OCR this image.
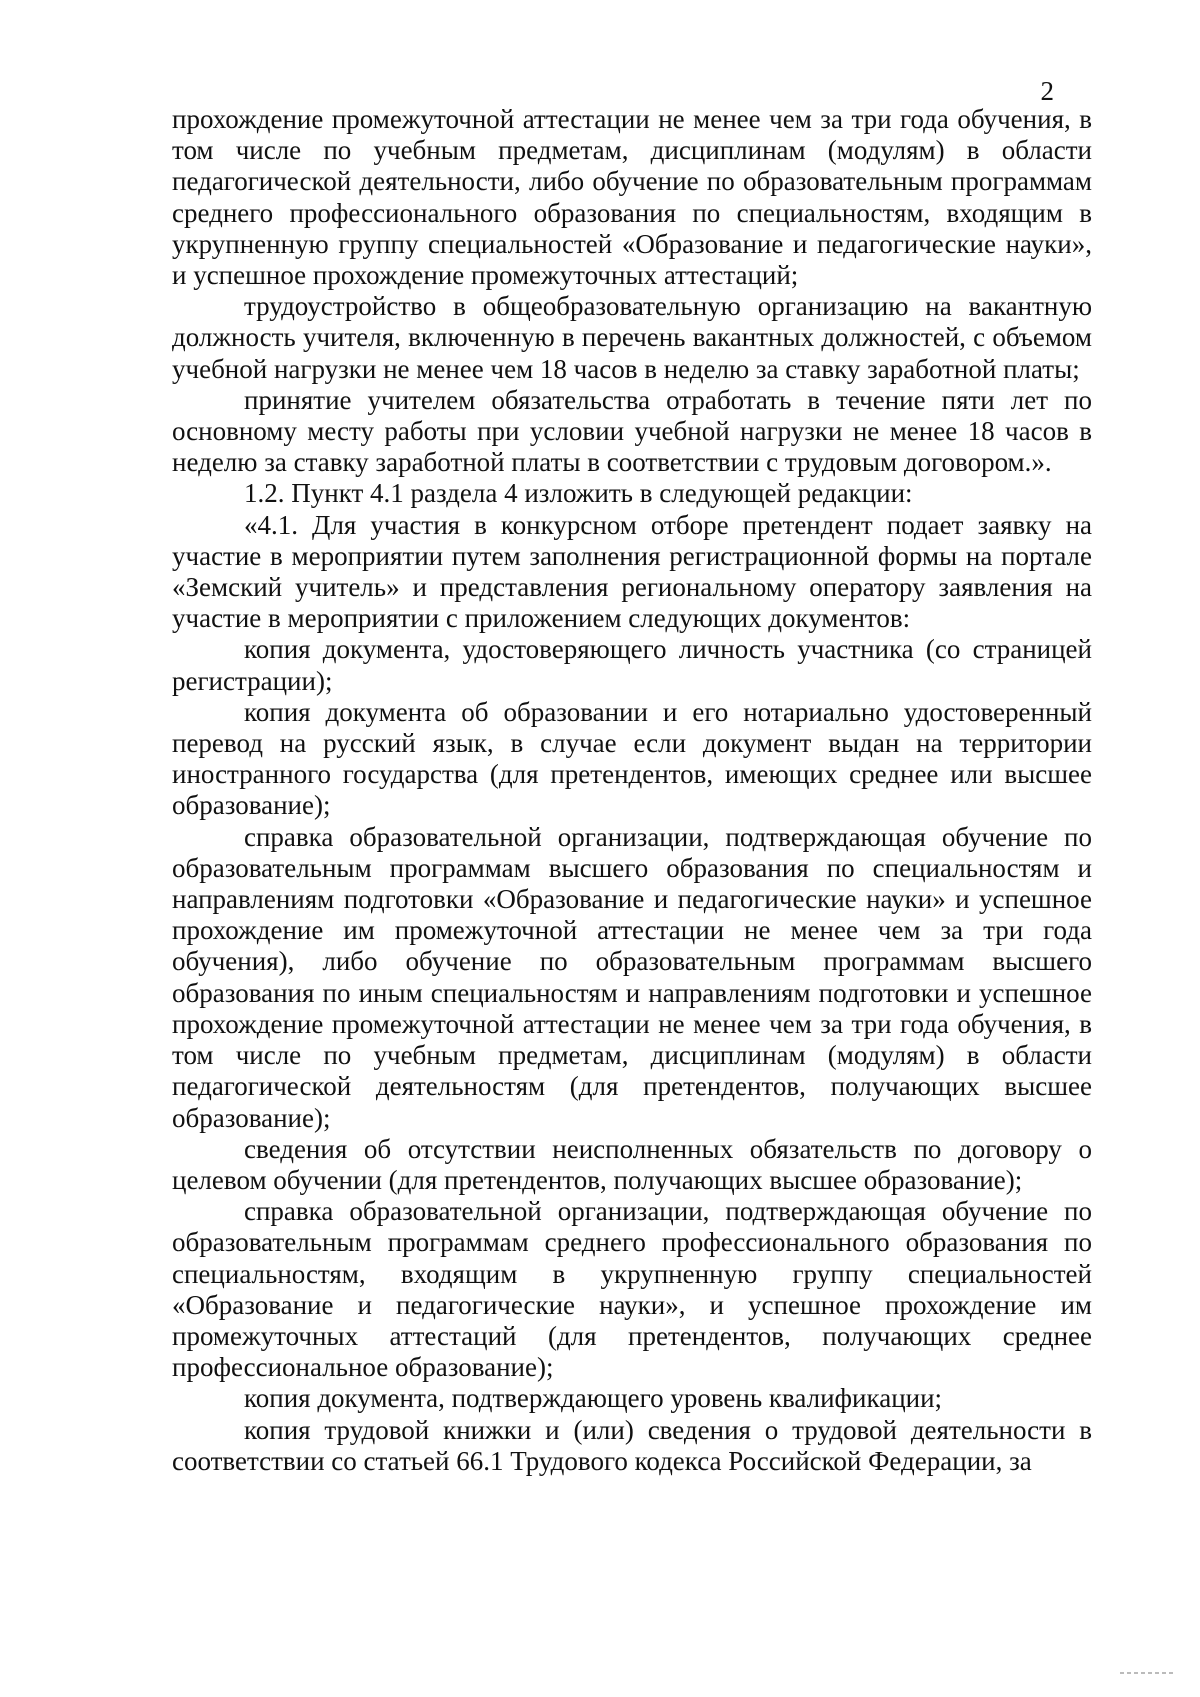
2

прохождение промежуточной аттестации не менее чем за три года обучения, в том числе по учебным предметам, дисциплинам (модулям) в области педагогической деятельности, либо обучение по образовательным программам среднего профессионального образования по специальностям, входящим в укрупненную группу специальностей «Образование и педагогические науки», и успешное прохождение промежуточных аттестаций;

трудоустройство в общеобразовательную организацию на вакантную должность учителя, включенную в перечень вакантных должностей, с объемом учебной нагрузки не менее чем 18 часов в неделю за ставку заработной платы;

принятие учителем обязательства отработать в течение пяти лет по основному месту работы при условии учебной нагрузки не менее 18 часов в неделю за ставку заработной платы в соответствии с трудовым договором.».

1.2. Пункт 4.1 раздела 4 изложить в следующей редакции:

«4.1. Для участия в конкурсном отборе претендент подает заявку на участие в мероприятии путем заполнения регистрационной формы на портале «Земский учитель» и представления региональному оператору заявления на участие в мероприятии с приложением следующих документов:

копия документа, удостоверяющего личность участника (со страницей регистрации);

копия документа об образовании и его нотариально удостоверенный перевод на русский язык, в случае если документ выдан на территории иностранного государства (для претендентов, имеющих среднее или высшее образование);

справка образовательной организации, подтверждающая обучение по образовательным программам высшего образования по специальностям и направлениям подготовки «Образование и педагогические науки» и успешное прохождение им промежуточной аттестации не менее чем за три года обучения), либо обучение по образовательным программам высшего образования по иным специальностям и направлениям подготовки и успешное прохождение промежуточной аттестации не менее чем за три года обучения, в том числе по учебным предметам, дисциплинам (модулям) в области педагогической деятельностям (для претендентов, получающих высшее образование);

сведения об отсутствии неисполненных обязательств по договору о целевом обучении (для претендентов, получающих высшее образование);

справка образовательной организации, подтверждающая обучение по образовательным программам среднего профессионального образования по специальностям, входящим в укрупненную группу специальностей «Образование и педагогические науки», и успешное прохождение им промежуточных аттестаций (для претендентов, получающих среднее профессиональное образование);

копия документа, подтверждающего уровень квалификации;

копия трудовой книжки и (или) сведения о трудовой деятельности в соответствии со статьей 66.1 Трудового кодекса Российской Федерации, за
